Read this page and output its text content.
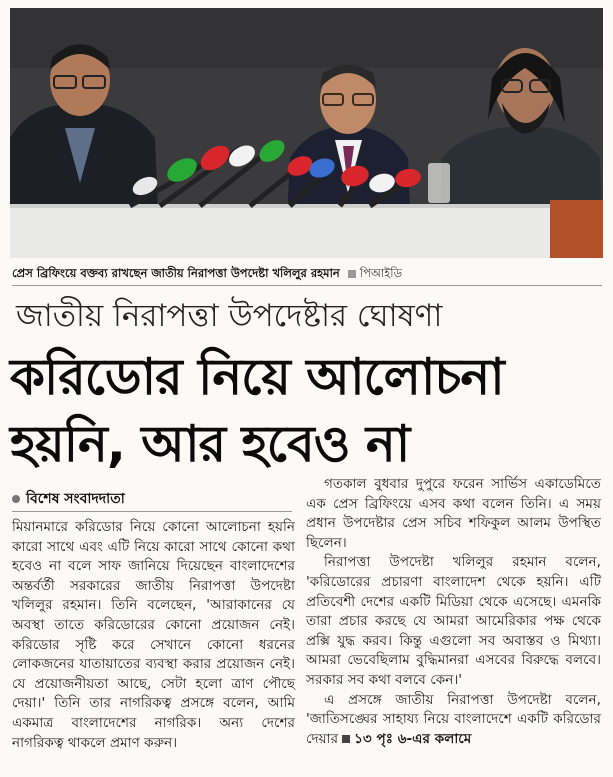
প্রেস ব্রিফিংয়ে বক্তব্য রাখছেন জাতীয় নিরাপত্তা উপদেষ্টা খলিলুর রহমান পিআইডি
জাতীয় নিরাপত্তা উপদেষ্টার ঘোষণা
করিডোর নিয়ে আলোচনা
হয়নি, আর হবেও না
বিশেষ সংবাদদাতা

মিয়ানমারে করিডোর নিয়ে কোনো আলোচনা হয়নি কারো সাথে এবং এটি নিয়ে কারো সাথে কোনো কথা হবেও না বলে সাফ জানিয়ে দিয়েছেন বাংলাদেশের অন্তর্বর্তী সরকারের জাতীয় নিরাপত্তা উপদেষ্টা খলিলুর রহমান। তিনি বলেছেন, 'আরাকানের যে অবস্থা তাতে করিডোরের কোনো প্রয়োজন নেই। করিডোর সৃষ্টি করে সেখানে কোনো ধরনের লোকজনের যাতায়াতের ব্যবস্থা করার প্রয়োজন নেই। যে প্রয়োজনীয়তা আছে, সেটা হলো ত্রাণ পৌছে দেয়া।' তিনি তার নাগরিকত্ব প্রসঙ্গে বলেন, আমি একমাত্র বাংলাদেশের নাগরিক। অন্য দেশের নাগরিকত্ব থাকলে প্রমাণ করুন।

গতকাল বুধবার দুপুরে ফরেন সার্ভিস একাডেমিতে এক প্রেস ব্রিফিংয়ে এসব কথা বলেন তিনি। এ সময় প্রধান উপদেষ্টার প্রেস সচিব শফিকুল আলম উপস্থিত ছিলেন।

নিরাপত্তা উপদেষ্টা খলিলুর রহমান বলেন, 'করিডোরের প্রচারণা বাংলাদেশ থেকে হয়নি। এটি প্রতিবেশী দেশের একটি মিডিয়া থেকে এসেছে। এমনকি তারা প্রচার করছে যে আমরা আমেরিকার পক্ষ থেকে প্রক্সি যুদ্ধ করব। কিন্তু এগুলো সব অবাস্তব ও মিথ্যা। আমরা ভেবেছিলাম বুদ্ধিমানরা এসবের বিরুদ্ধে বলবে। সরকার সব কথা বলবে কেন।'

এ প্রসঙ্গে জাতীয় নিরাপত্তা উপদেষ্টা বলেন, 'জাতিসঙ্ঘের সাহায্য নিয়ে বাংলাদেশে একটি করিডোর দেয়ার ১৩ পৃঃ ৬-এর কলামে
